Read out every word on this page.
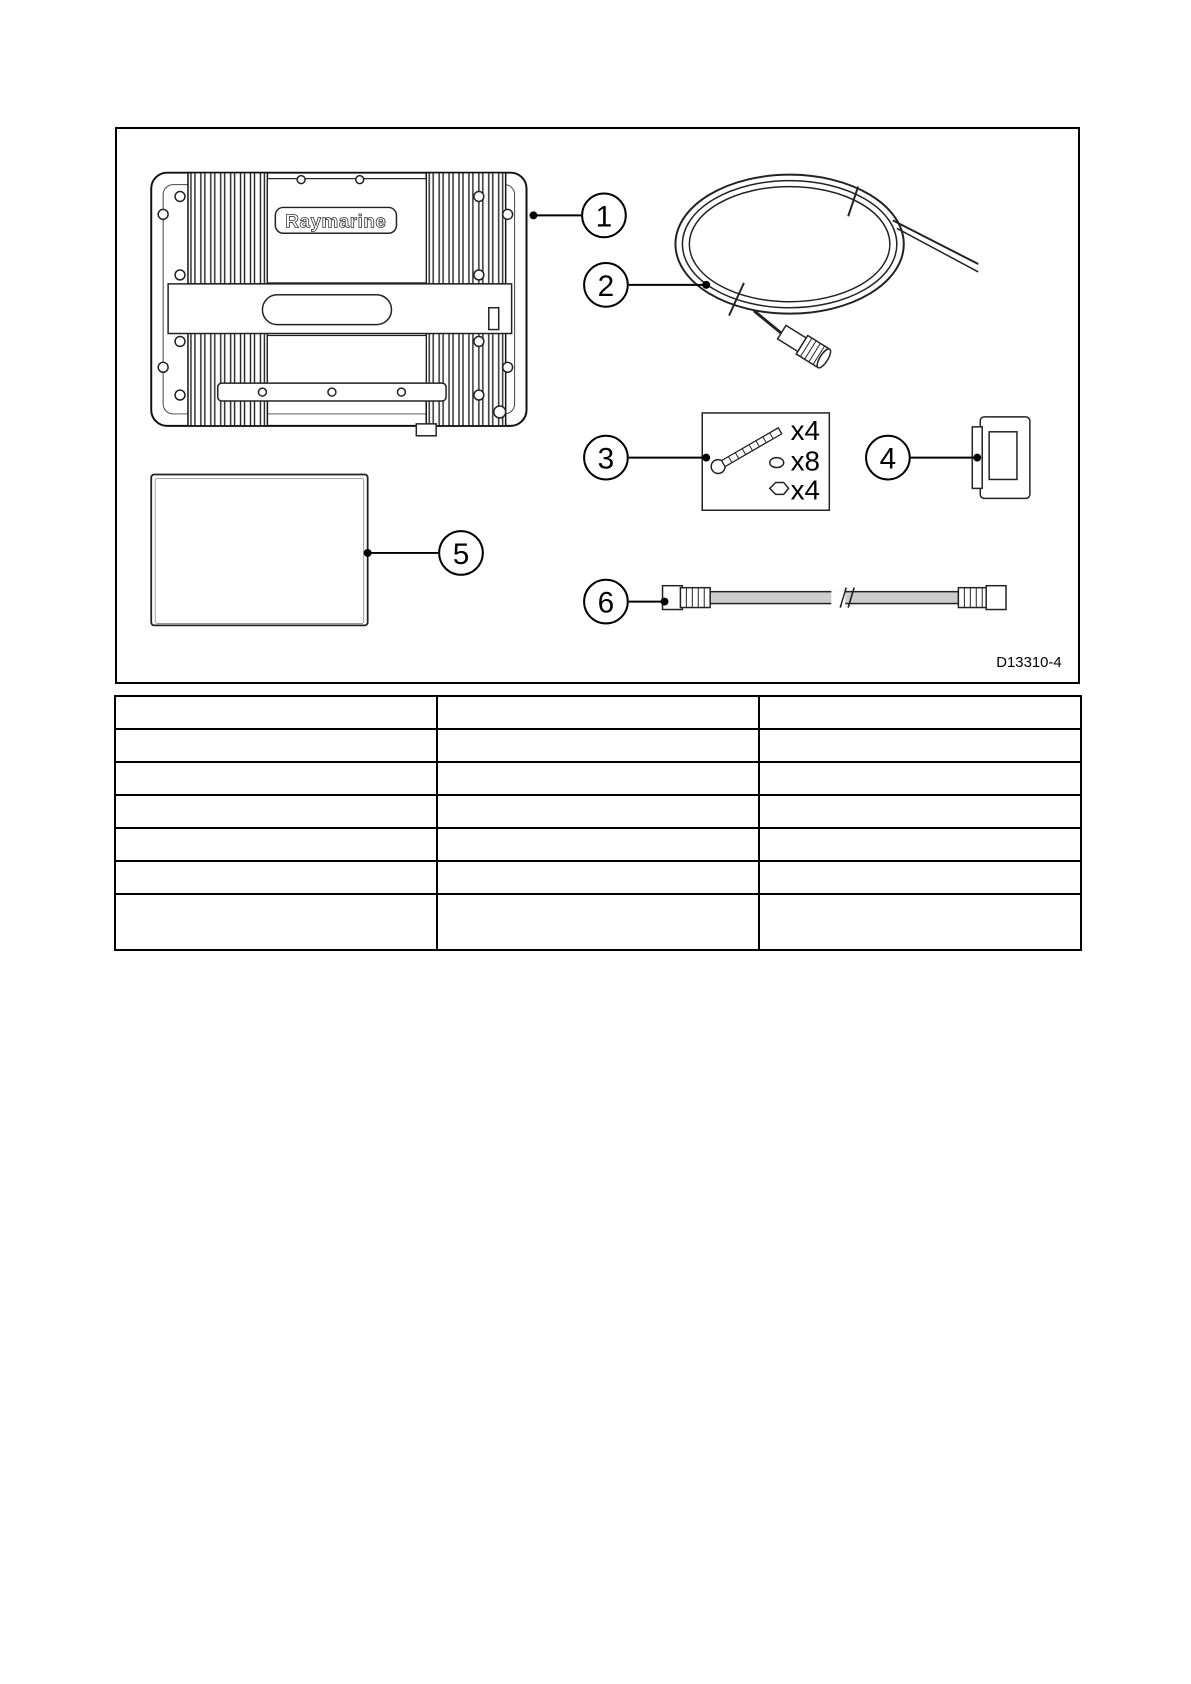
Raymarine
x4
x8
x4
1
2
3	4
5
6
D13310-4
